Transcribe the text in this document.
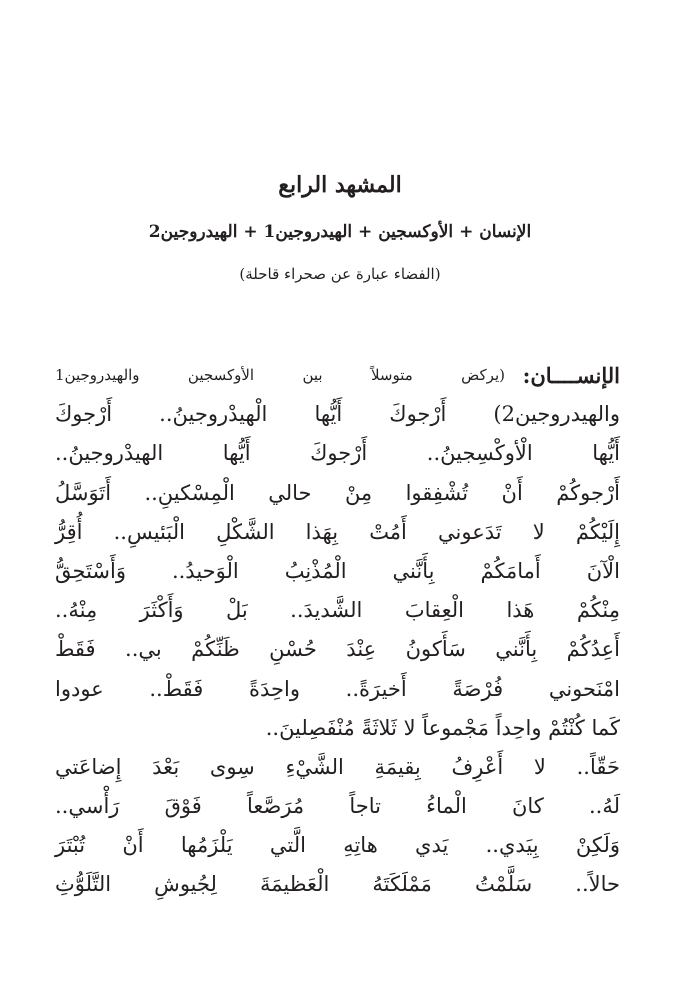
المشهد الرابع

الإنسان + الأوكسجين + الهيدروجين1 + الهيدروجين2

(الفضاء عبارة عن صحراء قاحلة)

الإنســــان:
(يركض متوسلاً بين الأوكسجين والهيدروجين1
والهيدروجين2) أَرْجوكَ أَيُّها الْهيدْروجينُ.. أَرْجوكَ
أَيُّها الْأوكْسِجينُ.. أَرْجوكَ أَيُّها الهيدْروجينُ..
أَرْجوكُمْ أَنْ تُشْفِقوا مِنْ حالي الْمِسْكينِ.. أَتَوَسَّلُ
إِلَيْكُمْ لا تَدَعوني أَمُتْ بِهَذا الشَّكْلِ الْبَئيسِ.. أُقِرُّ
الْآنَ أَمامَكُمْ بِأَنَّني الْمُذْنِبُ الْوَحيدُ.. وَأَسْتَحِقُّ
مِنْكُمْ هَذا الْعِقابَ الشَّديدَ.. بَلْ وَأَكْثَرَ مِنْهُ..
أَعِدُكُمْ بِأَنَّني سَأَكونُ عِنْدَ حُسْنِ ظَنِّكُمْ بي.. فَقَطْ
امْنَحوني فُرْصَةً أَخيرَةً.. واحِدَةً فَقَطْ.. عودوا
كَما كُنْتُمْ واحِداً مَجْموعاً لا ثَلاثَةً مُنْفَصِلينَ..
حَقّاً.. لا أَعْرِفُ بِقيمَةِ الشَّيْءِ سِوى بَعْدَ إِضاعَتي
لَهُ.. كانَ الْماءُ تاجاً مُرَصَّعاً فَوْقَ رَأْسي..
وَلَكِنْ بِيَدي.. يَدي هاتِهِ الَّتي يَلْزَمُها أَنْ تُبْتَرَ
حالاً.. سَلَّمْتُ مَمْلَكَتَهُ الْعَظيمَةَ لِجُيوشِ التَّلَوُّثِ
